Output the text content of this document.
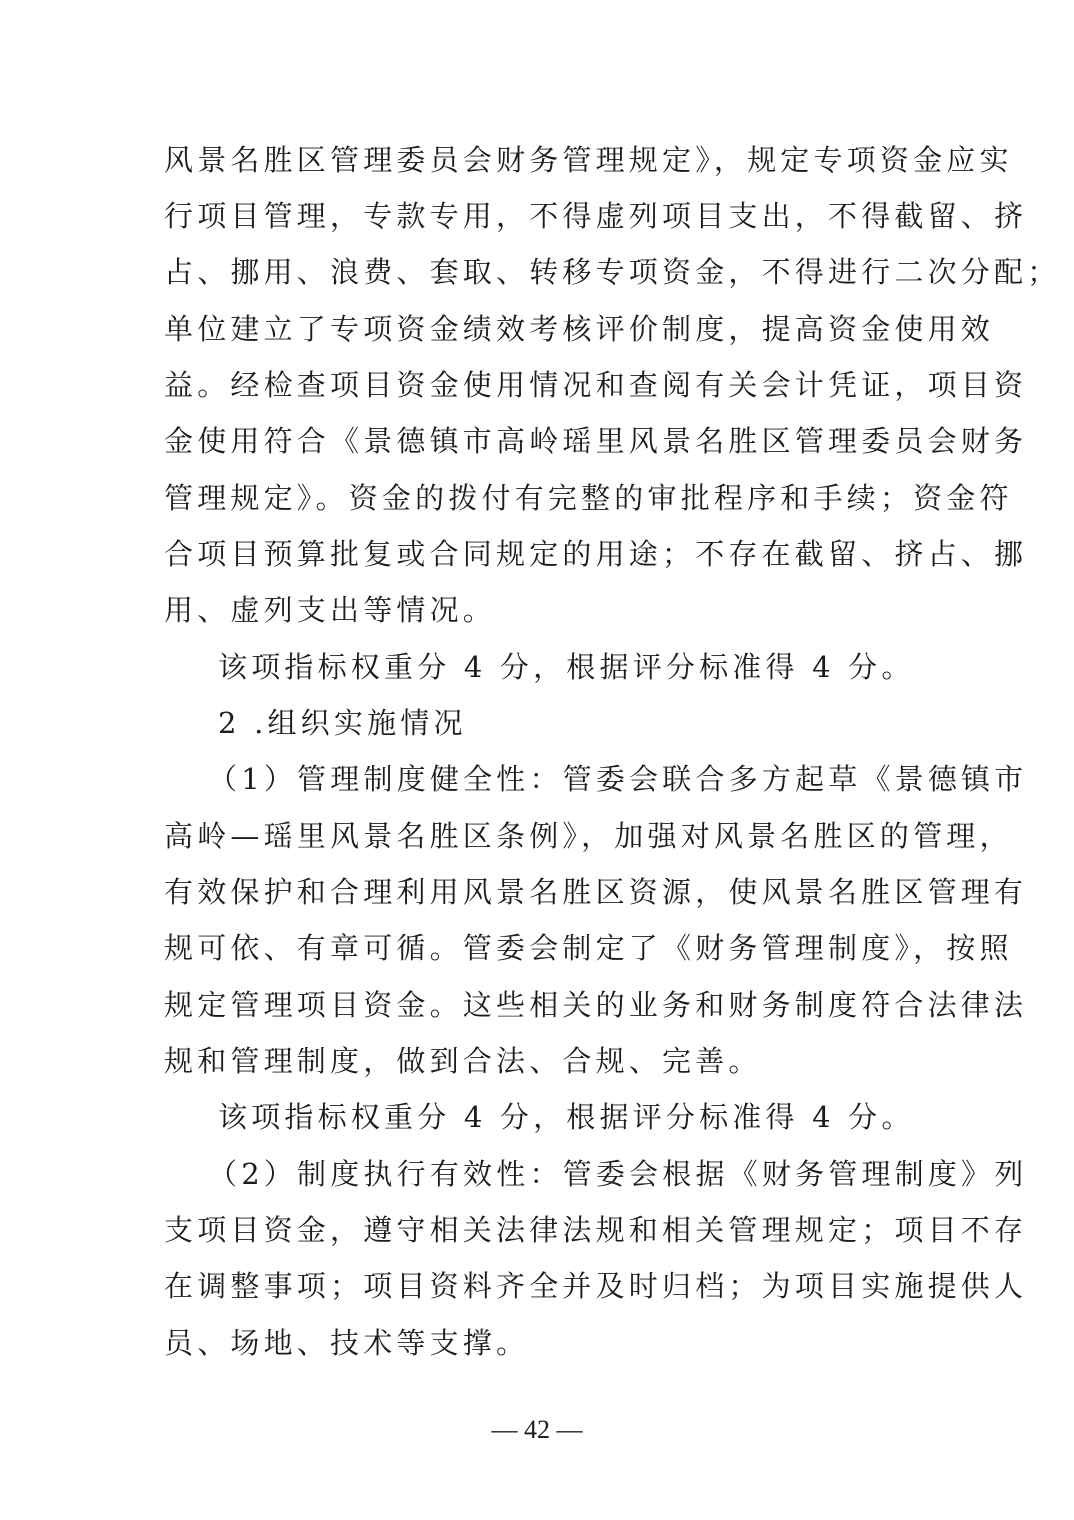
风景名胜区管理委员会财务管理规定》，规定专项资金应实
行项目管理，专款专用，不得虚列项目支出，不得截留、挤
占、挪用、浪费、套取、转移专项资金，不得进行二次分配；
单位建立了专项资金绩效考核评价制度，提高资金使用效
益。经检查项目资金使用情况和查阅有关会计凭证，项目资
金使用符合《景德镇市高岭瑶里风景名胜区管理委员会财务
管理规定》。资金的拨付有完整的审批程序和手续；资金符
合项目预算批复或合同规定的用途；不存在截留、挤占、挪
用、虚列支出等情况。
该项指标权重分 4 分，根据评分标准得 4 分。
2 .组织实施情况
（1）管理制度健全性：管委会联合多方起草《景德镇市
高岭—瑶里风景名胜区条例》，加强对风景名胜区的管理，
有效保护和合理利用风景名胜区资源，使风景名胜区管理有
规可依、有章可循。管委会制定了《财务管理制度》，按照
规定管理项目资金。这些相关的业务和财务制度符合法律法
规和管理制度，做到合法、合规、完善。
该项指标权重分 4 分，根据评分标准得 4 分。
（2）制度执行有效性：管委会根据《财务管理制度》列
支项目资金，遵守相关法律法规和相关管理规定；项目不存
在调整事项；项目资料齐全并及时归档；为项目实施提供人
员、场地、技术等支撑。
— 42 —
